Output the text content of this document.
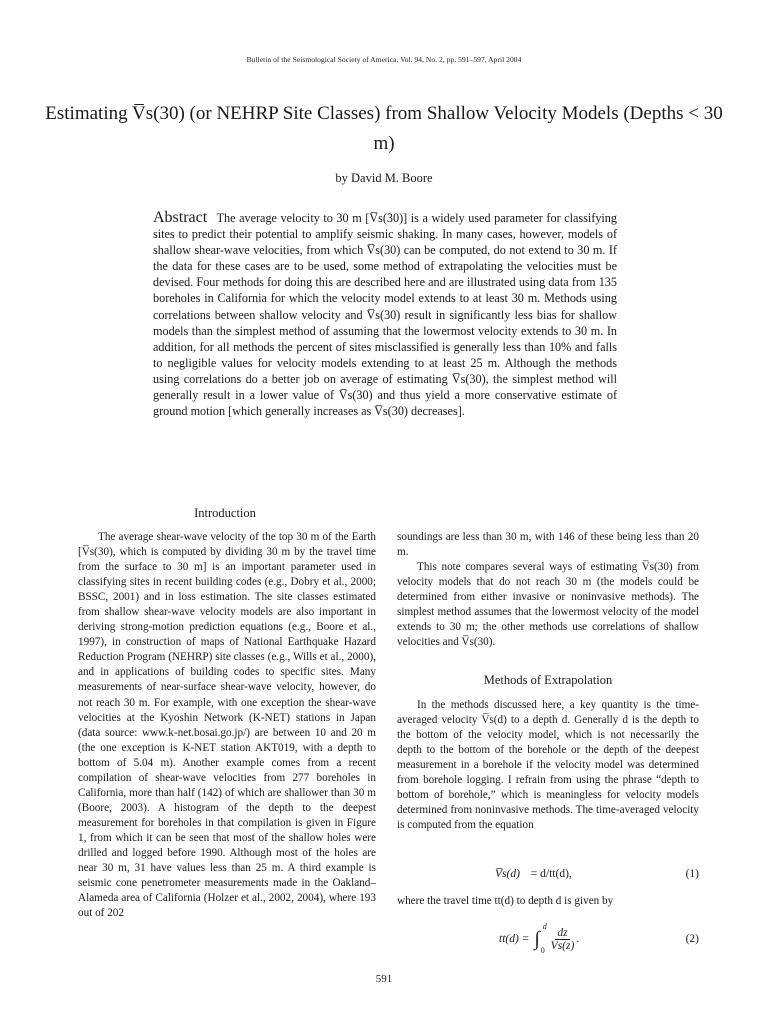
Bulletin of the Seismological Society of America, Vol. 94, No. 2, pp. 591–597, April 2004
Estimating V̅s(30) (or NEHRP Site Classes) from Shallow Velocity Models (Depths < 30 m)
by David M. Boore
Abstract The average velocity to 30 m [V̅s(30)] is a widely used parameter for classifying sites to predict their potential to amplify seismic shaking. In many cases, however, models of shallow shear-wave velocities, from which V̅s(30) can be computed, do not extend to 30 m. If the data for these cases are to be used, some method of extrapolating the velocities must be devised. Four methods for doing this are described here and are illustrated using data from 135 boreholes in California for which the velocity model extends to at least 30 m. Methods using correlations between shallow velocity and V̅s(30) result in significantly less bias for shallow models than the simplest method of assuming that the lowermost velocity extends to 30 m. In addition, for all methods the percent of sites misclassified is generally less than 10% and falls to negligible values for velocity models extending to at least 25 m. Although the methods using correlations do a better job on average of estimating V̅s(30), the simplest method will generally result in a lower value of V̅s(30) and thus yield a more conservative estimate of ground motion [which generally increases as V̅s(30) decreases].
Introduction

The average shear-wave velocity of the top 30 m of the Earth [V̅s(30), which is computed by dividing 30 m by the travel time from the surface to 30 m] is an important parameter used in classifying sites in recent building codes (e.g., Dobry et al., 2000; BSSC, 2001) and in loss estimation. The site classes estimated from shallow shear-wave velocity models are also important in deriving strong-motion prediction equations (e.g., Boore et al., 1997), in construction of maps of National Earthquake Hazard Reduction Program (NEHRP) site classes (e.g., Wills et al., 2000), and in applications of building codes to specific sites. Many measurements of near-surface shear-wave velocity, however, do not reach 30 m. For example, with one exception the shear-wave velocities at the Kyoshin Network (K-NET) stations in Japan (data source: www.k-net.bosai.go.jp/) are between 10 and 20 m (the one exception is K-NET station AKT019, with a depth to bottom of 5.04 m). Another example comes from a recent compilation of shear-wave velocities from 277 boreholes in California, more than half (142) of which are shallower than 30 m (Boore, 2003). A histogram of the depth to the deepest measurement for boreholes in that compilation is given in Figure 1, from which it can be seen that most of the shallow holes were drilled and logged before 1990. Although most of the holes are near 30 m, 31 have values less than 25 m. A third example is seismic cone penetrometer measurements made in the Oakland–Alameda area of California (Holzer et al., 2002, 2004), where 193 out of 202

soundings are less than 30 m, with 146 of these being less than 20 m.

This note compares several ways of estimating V̅s(30) from velocity models that do not reach 30 m (the models could be determined from either invasive or noninvasive methods). The simplest method assumes that the lowermost velocity of the model extends to 30 m; the other methods use correlations of shallow velocities and V̅s(30).

Methods of Extrapolation

In the methods discussed here, a key quantity is the time-averaged velocity V̅s(d) to a depth d. Generally d is the depth to the bottom of the velocity model, which is not necessarily the depth to the bottom of the borehole or the depth of the deepest measurement in a borehole if the velocity model was determined from borehole logging. I refrain from using the phrase “depth to bottom of borehole,” which is meaningless for velocity models determined from noninvasive methods. The time-averaged velocity is computed from the equation

V̅s(d) = d/tt(d),	(1)

where the travel time tt(d) to depth d is given by

tt(d) = ∫
d
0
$\frac{dz}{Vs(z)}$ .	(2)
591
